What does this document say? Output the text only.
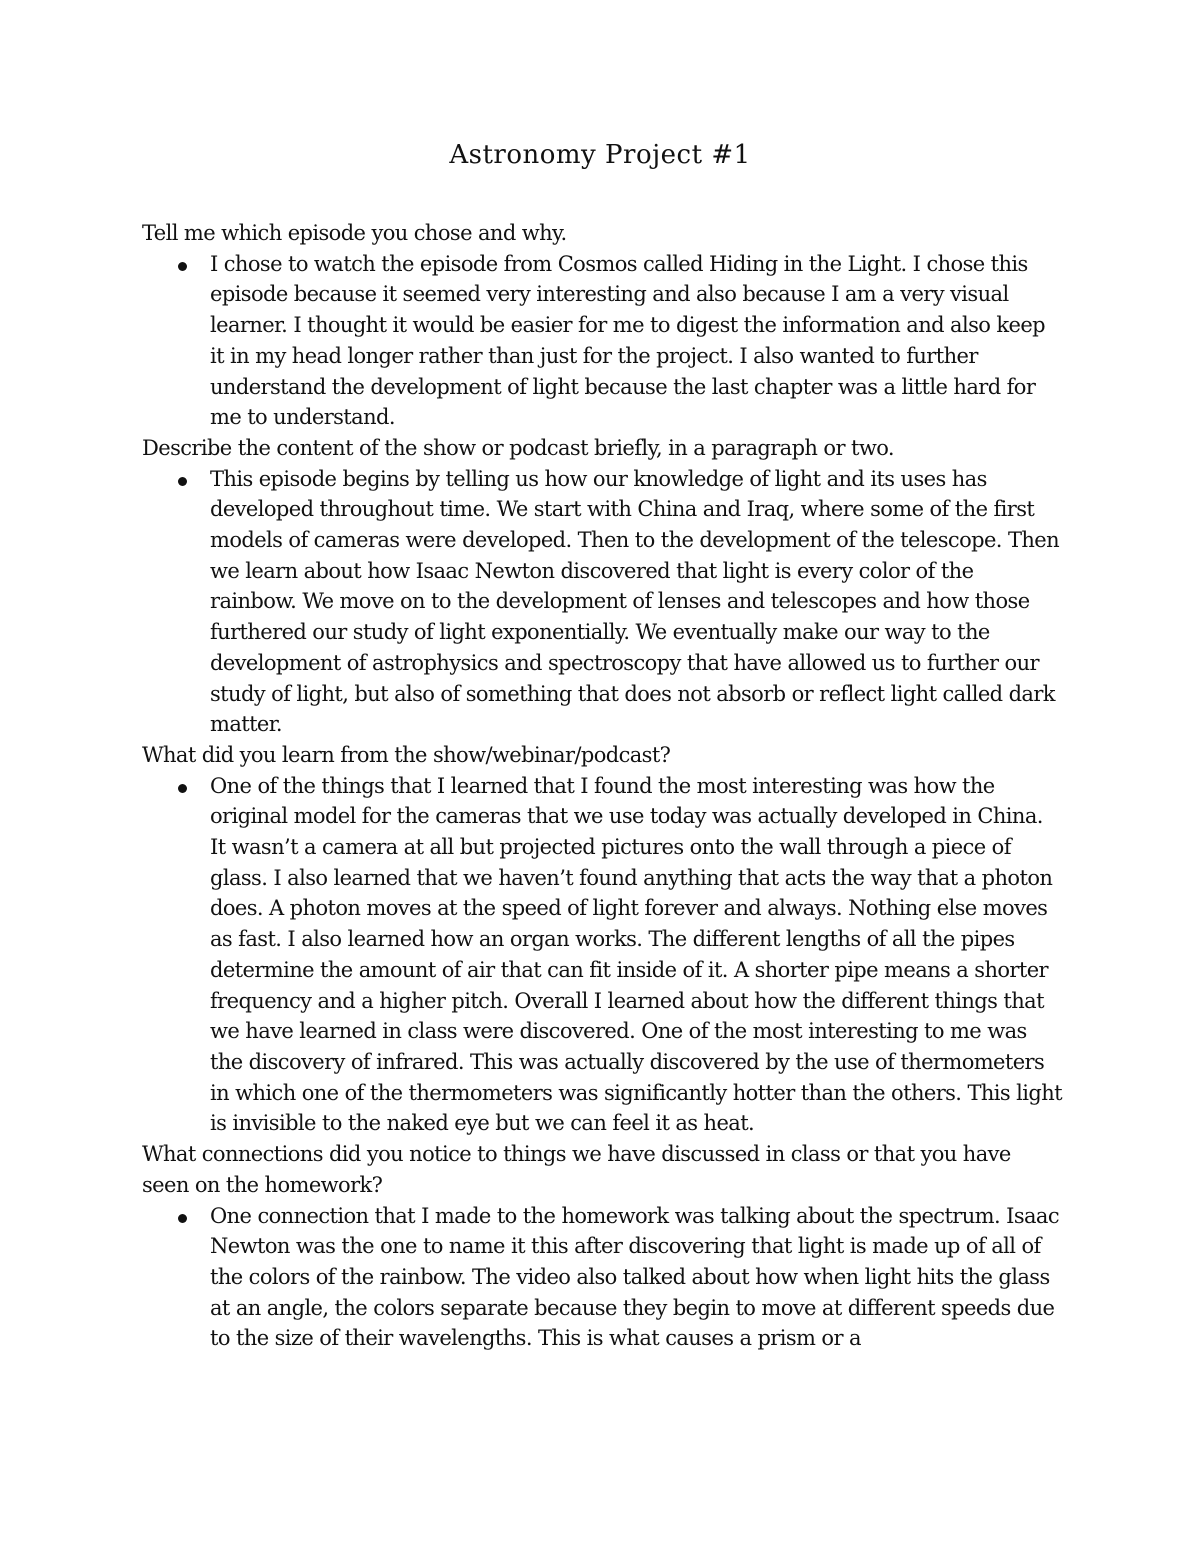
Astronomy Project #1

Tell me which episode you chose and why.

I chose to watch the episode from Cosmos called Hiding in the Light. I chose this episode because it seemed very interesting and also because I am a very visual learner. I thought it would be easier for me to digest the information and also keep it in my head longer rather than just for the project. I also wanted to further understand the development of light because the last chapter was a little hard for me to understand.

Describe the content of the show or podcast briefly, in a paragraph or two.

This episode begins by telling us how our knowledge of light and its uses has developed throughout time. We start with China and Iraq, where some of the first models of cameras were developed. Then to the development of the telescope. Then we learn about how Isaac Newton discovered that light is every color of the rainbow. We move on to the development of lenses and telescopes and how those furthered our study of light exponentially. We eventually make our way to the development of astrophysics and spectroscopy that have allowed us to further our study of light, but also of something that does not absorb or reflect light called dark matter.

What did you learn from the show/webinar/podcast?

One of the things that I learned that I found the most interesting was how the original model for the cameras that we use today was actually developed in China. It wasn’t a camera at all but projected pictures onto the wall through a piece of glass. I also learned that we haven’t found anything that acts the way that a photon does. A photon moves at the speed of light forever and always. Nothing else moves as fast. I also learned how an organ works. The different lengths of all the pipes determine the amount of air that can fit inside of it. A shorter pipe means a shorter frequency and a higher pitch. Overall I learned about how the different things that we have learned in class were discovered. One of the most interesting to me was the discovery of infrared. This was actually discovered by the use of thermometers in which one of the thermometers was significantly hotter than the others. This light is invisible to the naked eye but we can feel it as heat.

What connections did you notice to things we have discussed in class or that you have seen on the homework?

One connection that I made to the homework was talking about the spectrum. Isaac Newton was the one to name it this after discovering that light is made up of all of the colors of the rainbow. The video also talked about how when light hits the glass at an angle, the colors separate because they begin to move at different speeds due to the size of their wavelengths. This is what causes a prism or a
